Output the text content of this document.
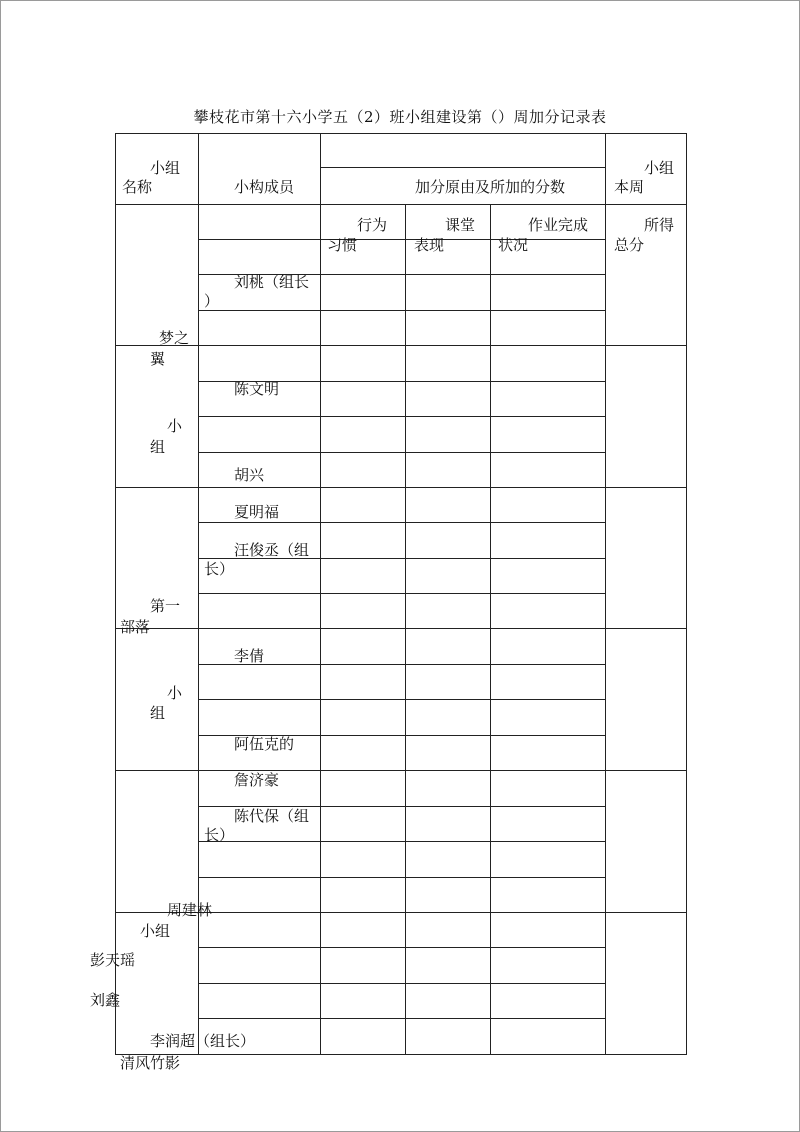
攀枝花市第十六小学五（2）班小组建设第（）周加分记录表
小组
名称	小构成员	加分原由及所加的分数
小组
本周
行为
习惯
课堂
表现
作业完成
状况
所得
总分
梦之
翼
小
组
刘桃（组长
）
陈文明
胡兴
第一
部落
小
组
夏明福
汪俊丞（组
长）
李倩
阿伍克的
小组
詹济豪
陈代保（组
长）
周建林
彭天瑶
刘鑫
李润超（组长）
清风竹影
